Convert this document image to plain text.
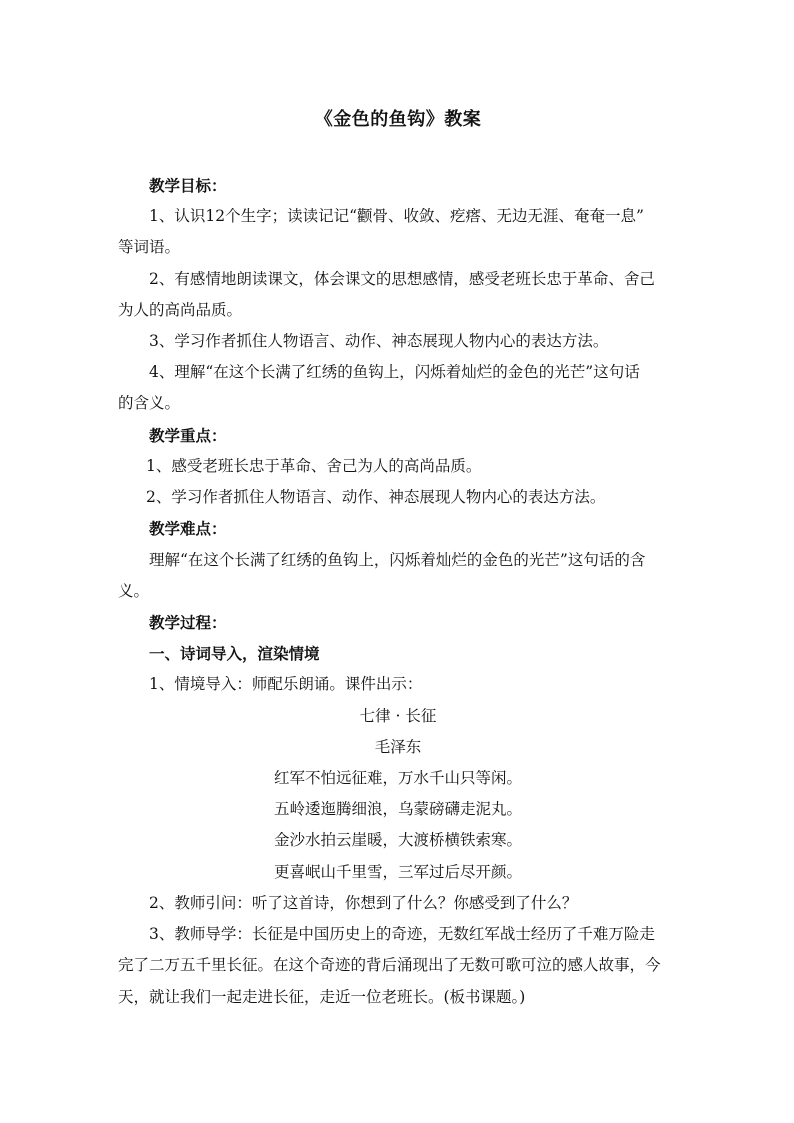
《金色的鱼钩》教案
教学目标：
1、认识12个生字；读读记记“颧骨、收敛、疙瘩、无边无涯、奄奄一息”
等词语。
2、有感情地朗读课文，体会课文的思想感情，感受老班长忠于革命、舍己
为人的高尚品质。
3、学习作者抓住人物语言、动作、神态展现人物内心的表达方法。
4、理解“在这个长满了红绣的鱼钩上，闪烁着灿烂的金色的光芒”这句话
的含义。
教学重点：
1、感受老班长忠于革命、舍己为人的高尚品质。
2、学习作者抓住人物语言、动作、神态展现人物内心的表达方法。
教学难点：
理解“在这个长满了红绣的鱼钩上，闪烁着灿烂的金色的光芒”这句话的含
义。
教学过程：
一、诗词导入，渲染情境
1、情境导入：师配乐朗诵。课件出示：
七律 · 长征
毛泽东
红军不怕远征难，万水千山只等闲。
五岭逶迤腾细浪，乌蒙磅礴走泥丸。
金沙水拍云崖暖，大渡桥横铁索寒。
更喜岷山千里雪，三军过后尽开颜。
2、教师引问：听了这首诗，你想到了什么？你感受到了什么？
3、教师导学：长征是中国历史上的奇迹，无数红军战士经历了千难万险走
完了二万五千里长征。在这个奇迹的背后涌现出了无数可歌可泣的感人故事，今
天，就让我们一起走进长征，走近一位老班长。(板书课题。)
